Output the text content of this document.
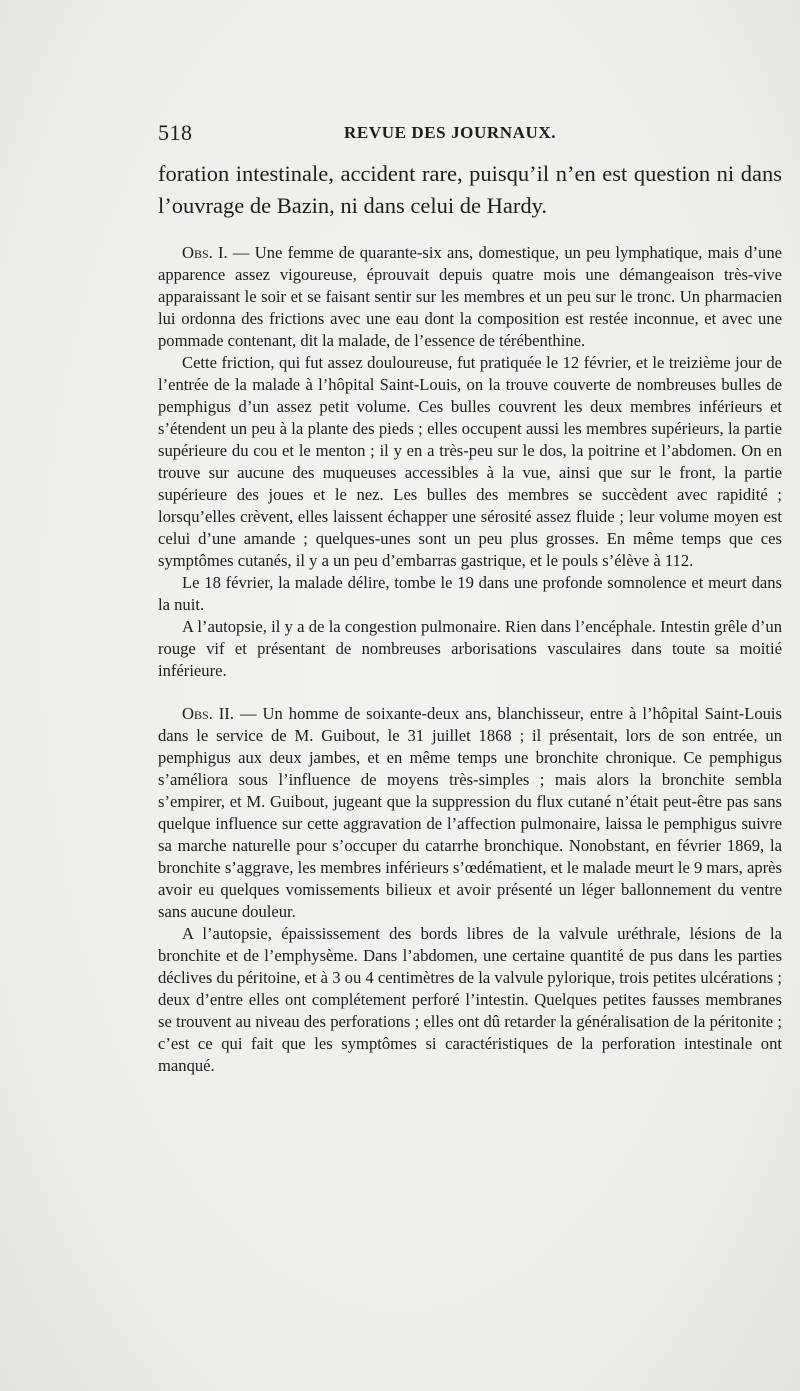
518	REVUE DES JOURNAUX.

foration intestinale, accident rare, puisqu’il n’en est question ni dans l’ouvrage de Bazin, ni dans celui de Hardy.

Obs. I. — Une femme de quarante-six ans, domestique, un peu lymphatique, mais d’une apparence assez vigoureuse, éprouvait depuis quatre mois une démangeaison très-vive apparaissant le soir et se faisant sentir sur les membres et un peu sur le tronc. Un pharmacien lui ordonna des frictions avec une eau dont la composition est restée inconnue, et avec une pommade contenant, dit la malade, de l’essence de térébenthine.

Cette friction, qui fut assez douloureuse, fut pratiquée le 12 février, et le treizième jour de l’entrée de la malade à l’hôpital Saint-Louis, on la trouve couverte de nombreuses bulles de pemphigus d’un assez petit volume. Ces bulles couvrent les deux membres inférieurs et s’étendent un peu à la plante des pieds ; elles occupent aussi les membres supérieurs, la partie supérieure du cou et le menton ; il y en a très-peu sur le dos, la poitrine et l’abdomen. On en trouve sur aucune des muqueuses accessibles à la vue, ainsi que sur le front, la partie supérieure des joues et le nez. Les bulles des membres se succèdent avec rapidité ; lorsqu’elles crèvent, elles laissent échapper une sérosité assez fluide ; leur volume moyen est celui d’une amande ; quelques-unes sont un peu plus grosses. En même temps que ces symptômes cutanés, il y a un peu d’embarras gastrique, et le pouls s’élève à 112.

Le 18 février, la malade délire, tombe le 19 dans une profonde somnolence et meurt dans la nuit.

A l’autopsie, il y a de la congestion pulmonaire. Rien dans l’encéphale. Intestin grêle d’un rouge vif et présentant de nombreuses arborisations vasculaires dans toute sa moitié inférieure.

Obs. II. — Un homme de soixante-deux ans, blanchisseur, entre à l’hôpital Saint-Louis dans le service de M. Guibout, le 31 juillet 1868 ; il présentait, lors de son entrée, un pemphigus aux deux jambes, et en même temps une bronchite chronique. Ce pemphigus s’améliora sous l’influence de moyens très-simples ; mais alors la bronchite sembla s’empirer, et M. Guibout, jugeant que la suppression du flux cutané n’était peut-être pas sans quelque influence sur cette aggravation de l’affection pulmonaire, laissa le pemphigus suivre sa marche naturelle pour s’occuper du catarrhe bronchique. Nonobstant, en février 1869, la bronchite s’aggrave, les membres inférieurs s’œdématient, et le malade meurt le 9 mars, après avoir eu quelques vomissements bilieux et avoir présenté un léger ballonnement du ventre sans aucune douleur.

A l’autopsie, épaississement des bords libres de la valvule uréthrale, lésions de la bronchite et de l’emphysème. Dans l’abdomen, une certaine quantité de pus dans les parties déclives du péritoine, et à 3 ou 4 centimètres de la valvule pylorique, trois petites ulcérations ; deux d’entre elles ont complétement perforé l’intestin. Quelques petites fausses membranes se trouvent au niveau des perforations ; elles ont dû retarder la généralisation de la péritonite ; c’est ce qui fait que les symptômes si caractéristiques de la perforation intestinale ont manqué.
